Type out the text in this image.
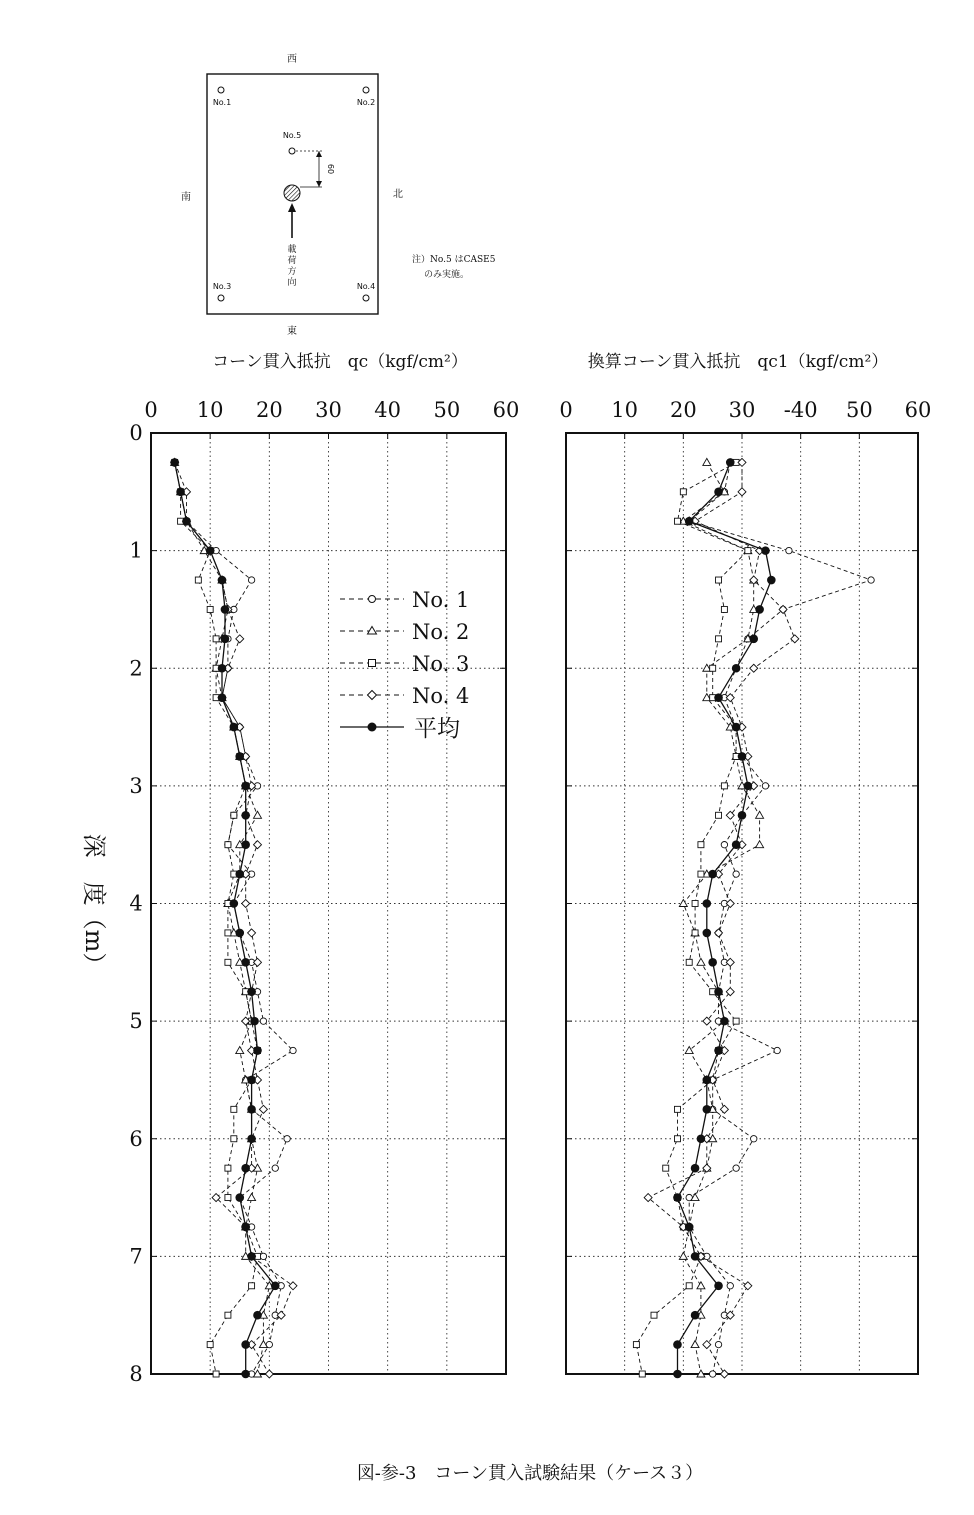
西
東
南	北
No.1	No.2
No.5
No.3	No.4
60
載荷方向
注）No.5 はCASE5
のみ実施。
コーン貫入抵抗　qc（kgf/cm²）	換算コーン貫入抵抗　qc1（kgf/cm²）
深　度（m）
0 10 20 30 40 50 60
0
1
2
3
4
5
6
7
8
0 10 20 30 -40 50 60
No. 1
No. 2
No. 3
No. 4
平均
図-参-3　コーン貫入試験結果（ケース３）
